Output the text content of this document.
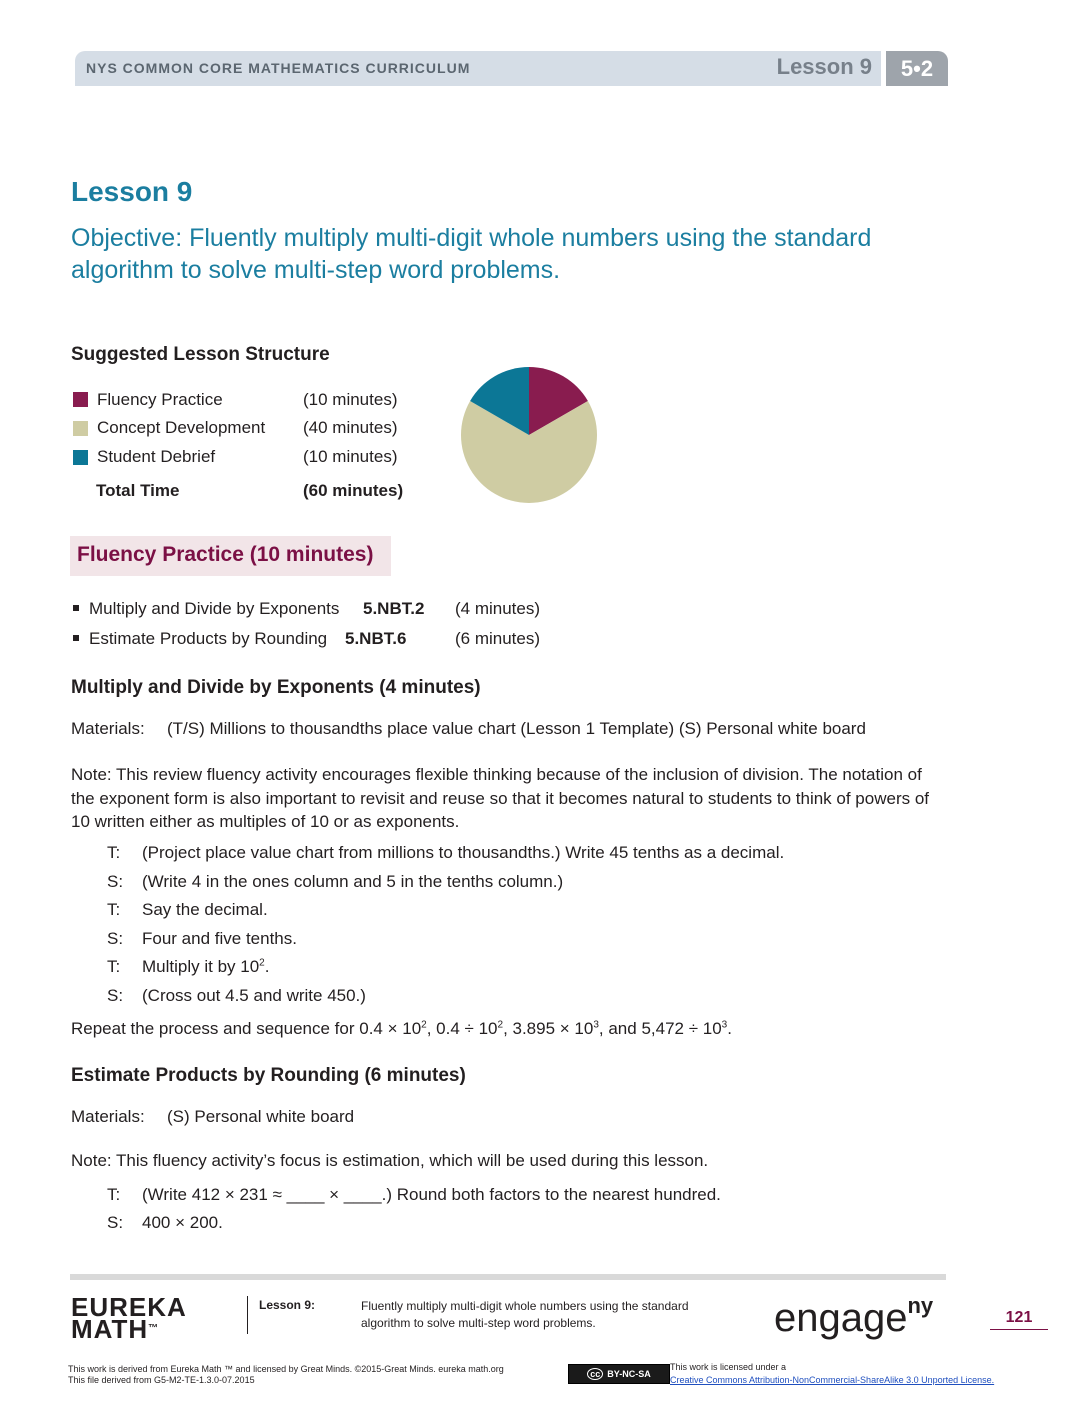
NYS COMMON CORE MATHEMATICS CURRICULUM	Lesson 9	5•2
Lesson 9
Objective: Fluently multiply multi-digit whole numbers using the standard algorithm to solve multi-step word problems.
Suggested Lesson Structure
Fluency Practice	(10 minutes)
Concept Development (40 minutes)
Student Debrief	(10 minutes)
Total Time	(60 minutes)
Fluency Practice (10 minutes)
Multiply and Divide by Exponents 5.NBT.2 (4 minutes)
Estimate Products by Rounding 5.NBT.6	(6 minutes)
Multiply and Divide by Exponents (4 minutes)
Materials: (T/S) Millions to thousandths place value chart (Lesson 1 Template) (S) Personal white board
Note: This review fluency activity encourages flexible thinking because of the inclusion of division. The notation of the exponent form is also important to revisit and reuse so that it becomes natural to students to think of powers of 10 written either as multiples of 10 or as exponents.
T: (Project place value chart from millions to thousandths.) Write 45 tenths as a decimal.
S: (Write 4 in the ones column and 5 in the tenths column.)
T: Say the decimal.
S: Four and five tenths.
T: Multiply it by $10^2$.
S: (Cross out 4.5 and write 450.)
Repeat the process and sequence for $0.4 \times 10^2$, $0.4 \div 10^2$, $3.895 \times 10^3$, and $5,472 \div 10^3$.
Estimate Products by Rounding (6 minutes)
Materials: (S) Personal white board
Note: This fluency activity’s focus is estimation, which will be used during this lesson.
T: (Write 412 × 231 ≈ ____ × ____.) Round both factors to the nearest hundred.
S: 400 × 200.
EUREKA
MATH™
Lesson 9:	Fluently multiply multi-digit whole numbers using the standard algorithm to solve multi-step word problems.	engage$^{ny}$	121
This work is derived from Eureka Math ™ and licensed by Great Minds. ©2015-Great Minds. eureka math.org
This file derived from G5-M2-TE-1.3.0-07.2015
cc BY-NC-SA
This work is licensed under a
Creative Commons Attribution-NonCommercial-ShareAlike 3.0 Unported License.
